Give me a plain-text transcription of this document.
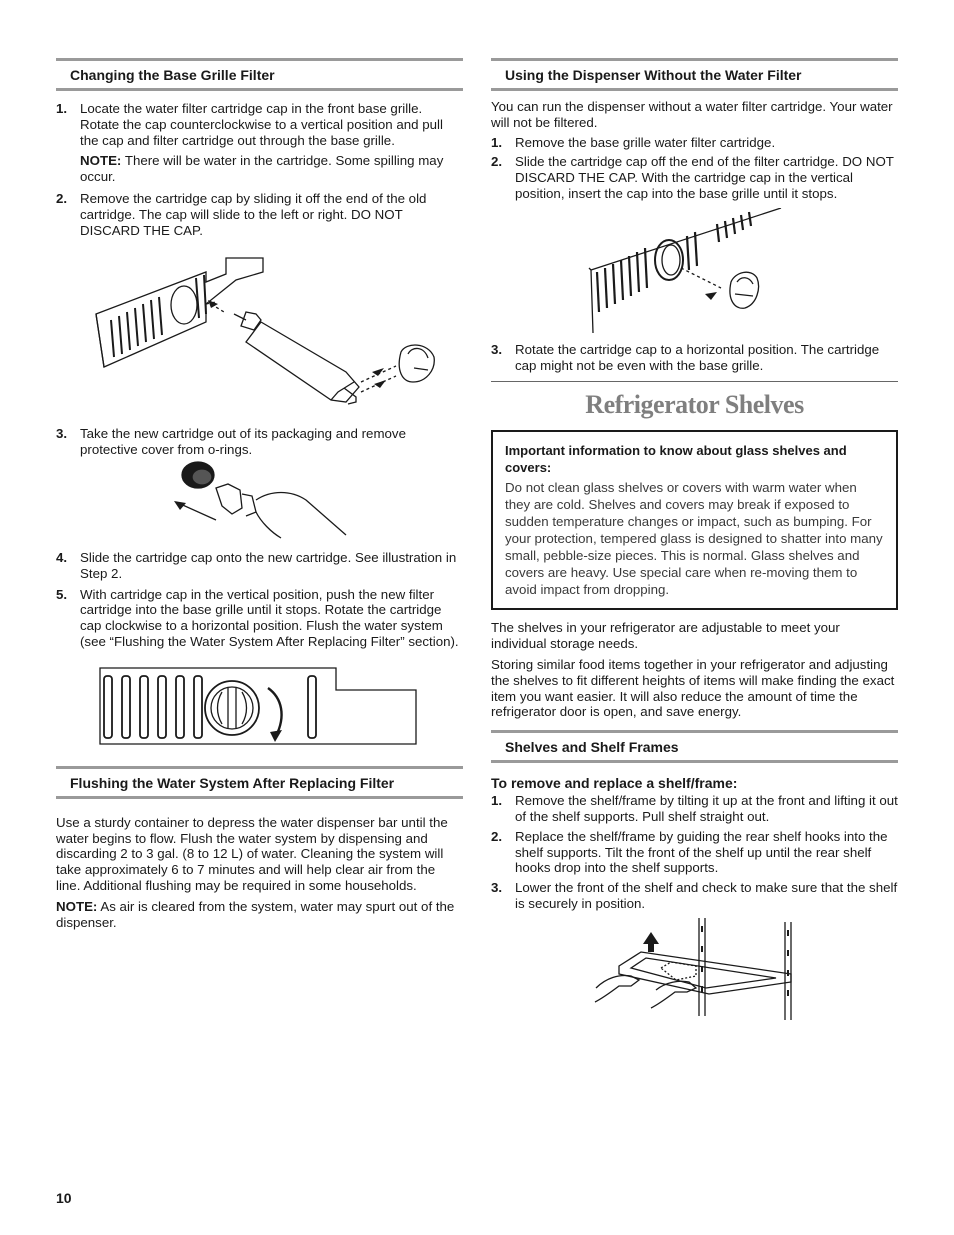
Changing the Base Grille Filter
1. Locate the water filter cartridge cap in the front base grille. Rotate the cap counterclockwise to a vertical position and pull the cap and filter cartridge out through the base grille.
NOTE: There will be water in the cartridge. Some spilling may occur.
2. Remove the cartridge cap by sliding it off the end of the old cartridge. The cap will slide to the left or right. DO NOT DISCARD THE CAP.
3. Take the new cartridge out of its packaging and remove protective cover from o-rings.
4. Slide the cartridge cap onto the new cartridge. See illustration in Step 2.
5. With cartridge cap in the vertical position, push the new filter cartridge into the base grille until it stops. Rotate the cartridge cap clockwise to a horizontal position. Flush the water system (see “Flushing the Water System After Replacing Filter” section).
Flushing the Water System After Replacing Filter

Use a sturdy container to depress the water dispenser bar until the water begins to flow. Flush the water system by dispensing and discarding 2 to 3 gal. (8 to 12 L) of water. Cleaning the system will take approximately 6 to 7 minutes and will help clear air from the line. Additional flushing may be required in some households.

NOTE: As air is cleared from the system, water may spurt out of the dispenser.

Using the Dispenser Without the Water Filter

You can run the dispenser without a water filter cartridge. Your water will not be filtered.

1. Remove the base grille water filter cartridge.
2. Slide the cartridge cap off the end of the filter cartridge. DO NOT DISCARD THE CAP. With the cartridge cap in the vertical position, insert the cap into the base grille until it stops.
3. Rotate the cartridge cap to a horizontal position. The cartridge cap might not be even with the base grille.
Refrigerator Shelves
Important information to know about glass shelves and covers:
Do not clean glass shelves or covers with warm water when they are cold. Shelves and covers may break if exposed to sudden temperature changes or impact, such as bumping. For your protection, tempered glass is designed to shatter into many small, pebble-size pieces. This is normal. Glass shelves and covers are heavy. Use special care when re-moving them to avoid impact from dropping.

The shelves in your refrigerator are adjustable to meet your individual storage needs.

Storing similar food items together in your refrigerator and adjusting the shelves to fit different heights of items will make finding the exact item you want easier. It will also reduce the amount of time the refrigerator door is open, and save energy.

Shelves and Shelf Frames
To remove and replace a shelf/frame:
1. Remove the shelf/frame by tilting it up at the front and lifting it out of the shelf supports. Pull shelf straight out.
2. Replace the shelf/frame by guiding the rear shelf hooks into the shelf supports. Tilt the front of the shelf up until the rear shelf hooks drop into the shelf supports.
3. Lower the front of the shelf and check to make sure that the shelf is securely in position.
10
